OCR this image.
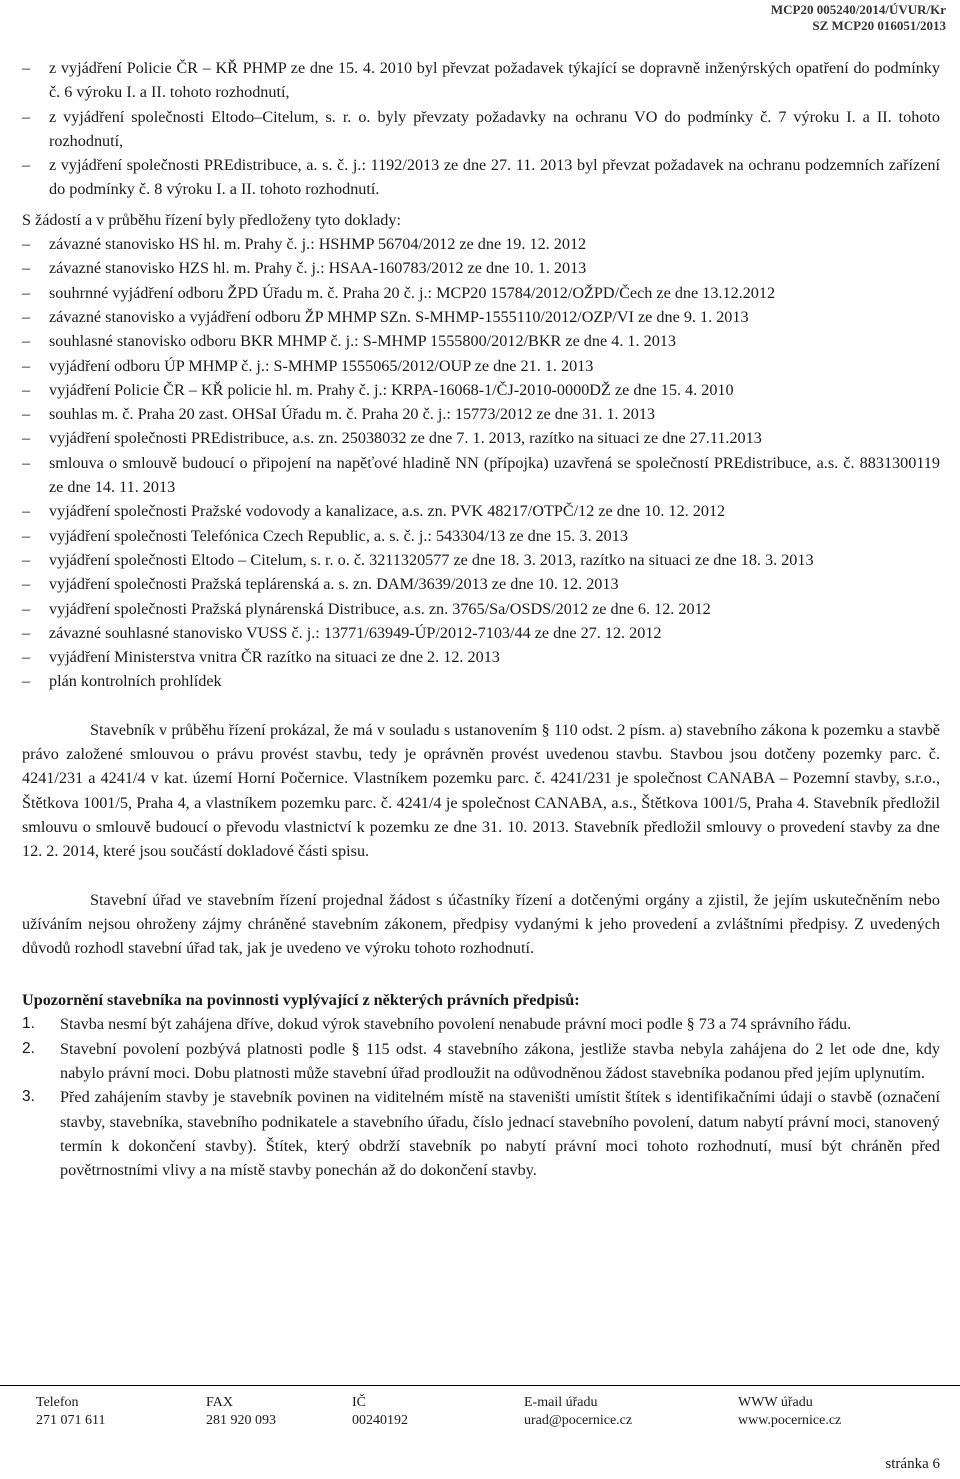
MCP20 005240/2014/ÚVUR/Kr
SZ MCP20 016051/2013
– z vyjádření Policie ČR – KŘ PHMP ze dne 15. 4. 2010 byl převzat požadavek týkající se dopravně inženýrských opatření do podmínky č. 6 výroku I. a II. tohoto rozhodnutí,
– z vyjádření společnosti Eltodo–Citelum, s. r. o. byly převzaty požadavky na ochranu VO do podmínky č. 7 výroku I. a II. tohoto rozhodnutí,
– z vyjádření společnosti PREdistribuce, a. s. č. j.: 1192/2013 ze dne 27. 11. 2013 byl převzat požadavek na ochranu podzemních zařízení do podmínky č. 8 výroku I. a II. tohoto rozhodnutí.

S žádostí a v průběhu řízení byly předloženy tyto doklady:

– závazné stanovisko HS hl. m. Prahy č. j.: HSHMP 56704/2012 ze dne 19. 12. 2012
– závazné stanovisko HZS hl. m. Prahy č. j.: HSAA-160783/2012 ze dne 10. 1. 2013
– souhrnné vyjádření odboru ŽPD Úřadu m. č. Praha 20 č. j.: MCP20 15784/2012/OŽPD/Čech ze dne 13.12.2012
– závazné stanovisko a vyjádření odboru ŽP MHMP SZn. S-MHMP-1555110/2012/OZP/VI ze dne 9. 1. 2013
– souhlasné stanovisko odboru BKR MHMP č. j.: S-MHMP 1555800/2012/BKR ze dne 4. 1. 2013
– vyjádření odboru ÚP MHMP č. j.: S-MHMP 1555065/2012/OUP ze dne 21. 1. 2013
– vyjádření Policie ČR – KŘ policie hl. m. Prahy č. j.: KRPA-16068-1/ČJ-2010-0000DŽ ze dne 15. 4. 2010
– souhlas m. č. Praha 20 zast. OHSaI Úřadu m. č. Praha 20 č. j.: 15773/2012 ze dne 31. 1. 2013
– vyjádření společnosti PREdistribuce, a.s. zn. 25038032 ze dne 7. 1. 2013, razítko na situaci ze dne 27.11.2013
– smlouva o smlouvě budoucí o připojení na napěťové hladině NN (přípojka) uzavřená se společností PREdistribuce, a.s. č. 8831300119 ze dne 14. 11. 2013
– vyjádření společnosti Pražské vodovody a kanalizace, a.s. zn. PVK 48217/OTPČ/12 ze dne 10. 12. 2012
– vyjádření společnosti Telefónica Czech Republic, a. s. č. j.: 543304/13 ze dne 15. 3. 2013
– vyjádření společnosti Eltodo – Citelum, s. r. o. č. 3211320577 ze dne 18. 3. 2013, razítko na situaci ze dne 18. 3. 2013
– vyjádření společnosti Pražská teplárenská a. s. zn. DAM/3639/2013 ze dne 10. 12. 2013
– vyjádření společnosti Pražská plynárenská Distribuce, a.s. zn. 3765/Sa/OSDS/2012 ze dne 6. 12. 2012
– závazné souhlasné stanovisko VUSS č. j.: 13771/63949-ÚP/2012-7103/44 ze dne 27. 12. 2012
– vyjádření Ministerstva vnitra ČR razítko na situaci ze dne 2. 12. 2013
– plán kontrolních prohlídek

Stavebník v průběhu řízení prokázal, že má v souladu s ustanovením § 110 odst. 2 písm. a) stavebního zákona k pozemku a stavbě právo založené smlouvou o právu provést stavbu, tedy je oprávněn provést uvedenou stavbu. Stavbou jsou dotčeny pozemky parc. č. 4241/231 a 4241/4 v kat. území Horní Počernice. Vlastníkem pozemku parc. č. 4241/231 je společnost CANABA – Pozemní stavby, s.r.o., Štětkova 1001/5, Praha 4, a vlastníkem pozemku parc. č. 4241/4 je společnost CANABA, a.s., Štětkova 1001/5, Praha 4. Stavebník předložil smlouvu o smlouvě budoucí o převodu vlastnictví k pozemku ze dne 31. 10. 2013. Stavebník předložil smlouvy o provedení stavby za dne 12. 2. 2014, které jsou součástí dokladové části spisu.

Stavební úřad ve stavebním řízení projednal žádost s účastníky řízení a dotčenými orgány a zjistil, že jejím uskutečněním nebo užíváním nejsou ohroženy zájmy chráněné stavebním zákonem, předpisy vydanými k jeho provedení a zvláštními předpisy. Z uvedených důvodů rozhodl stavební úřad tak, jak je uvedeno ve výroku tohoto rozhodnutí.

Upozornění stavebníka na povinnosti vyplývající z některých právních předpisů:

1. Stavba nesmí být zahájena dříve, dokud výrok stavebního povolení nenabude právní moci podle § 73 a 74 správního řádu.
2. Stavební povolení pozbývá platnosti podle § 115 odst. 4 stavebního zákona, jestliže stavba nebyla zahájena do 2 let ode dne, kdy nabylo právní moci. Dobu platnosti může stavební úřad prodloužit na odůvodněnou žádost stavebníka podanou před jejím uplynutím.
3. Před zahájením stavby je stavebník povinen na viditelném místě na staveništi umístit štítek s identifikačními údaji o stavbě (označení stavby, stavebníka, stavebního podnikatele a stavebního úřadu, číslo jednací stavebního povolení, datum nabytí právní moci, stanovený termín k dokončení stavby). Štítek, který obdrží stavebník po nabytí právní moci tohoto rozhodnutí, musí být chráněn před povětrnostními vlivy a na místě stavby ponechán až do dokončení stavby.
Telefon
271 071 611
FAX
281 920 093
IČ
00240192
E-mail úřadu
urad@pocernice.cz
WWW úřadu
www.pocernice.cz
stránka 6
